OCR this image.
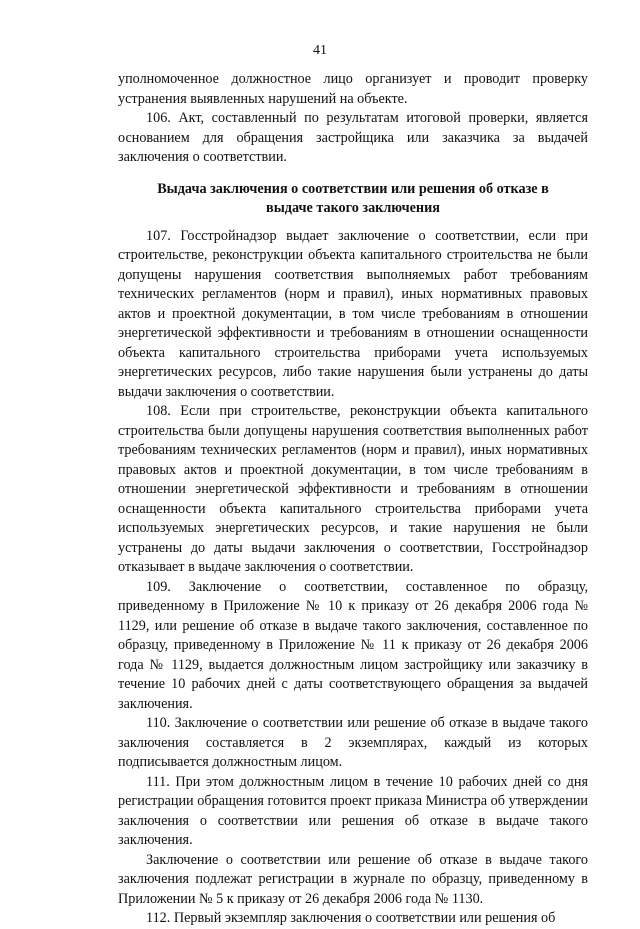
41

уполномоченное должностное лицо организует и проводит проверку устранения выявленных нарушений на объекте.

106. Акт, составленный по результатам итоговой проверки, является основанием для обращения застройщика или заказчика за выдачей заключения о соответствии.

Выдача заключения о соответствии или решения об отказе в выдаче такого заключения

107. Госстройнадзор выдает заключение о соответствии, если при строительстве, реконструкции объекта капитального строительства не были допущены нарушения соответствия выполняемых работ требованиям технических регламентов (норм и правил), иных нормативных правовых актов и проектной документации, в том числе требованиям в отношении энергетической эффективности и требованиям в отношении оснащенности объекта капитального строительства приборами учета используемых энергетических ресурсов, либо такие нарушения были устранены до даты выдачи заключения о соответствии.

108. Если при строительстве, реконструкции объекта капитального строительства были допущены нарушения соответствия выполненных работ требованиям технических регламентов (норм и правил), иных нормативных правовых актов и проектной документации, в том числе требованиям в отношении энергетической эффективности и требованиям в отношении оснащенности объекта капитального строительства приборами учета используемых энергетических ресурсов, и такие нарушения не были устранены до даты выдачи заключения о соответствии, Госстройнадзор отказывает в выдаче заключения о соответствии.

109. Заключение о соответствии, составленное по образцу, приведенному в Приложение № 10 к приказу от 26 декабря 2006 года № 1129, или решение об отказе в выдаче такого заключения, составленное по образцу, приведенному в Приложение № 11 к приказу от 26 декабря 2006 года № 1129, выдается должностным лицом застройщику или заказчику в течение 10 рабочих дней с даты соответствующего обращения за выдачей заключения.

110. Заключение о соответствии или решение об отказе в выдаче такого заключения составляется в 2 экземплярах, каждый из которых подписывается должностным лицом.

111. При этом должностным лицом в течение 10 рабочих дней со дня регистрации обращения готовится проект приказа Министра об утверждении заключения о соответствии или решения об отказе в выдаче такого заключения.

Заключение о соответствии или решение об отказе в выдаче такого заключения подлежат регистрации в журнале по образцу, приведенному в Приложении № 5 к приказу от 26 декабря 2006 года № 1130.

112. Первый экземпляр заключения о соответствии или решения об
